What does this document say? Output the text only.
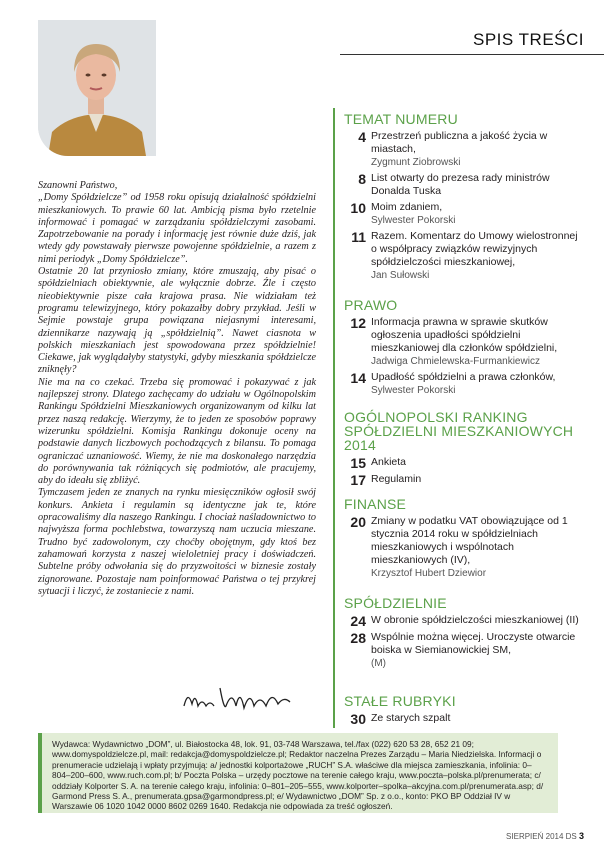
SPIS TREŚCI

Szanowni Państwo,

„Domy Spółdzielcze” od 1958 roku opisują działalność spółdzielni mieszkaniowych. To prawie 60 lat. Ambicją pisma było rzetelnie informować i pomagać w zarządzaniu spółdzielczymi zasobami. Zapotrzebowanie na porady i informację jest równie duże dziś, jak wtedy gdy powstawały pierwsze powojenne spółdzielnie, a razem z nimi periodyk „Domy Spółdzielcze”.

Ostatnie 20 lat przyniosło zmiany, które zmuszają, aby pisać o spółdzielniach obiektywnie, ale wyłącznie dobrze. Źle i często nieobiektywnie pisze cała krajowa prasa. Nie widziałam też programu telewizyjnego, który pokazałby dobry przykład. Jeśli w Sejmie powstaje grupa powiązana niejasnymi interesami, dziennikarze nazywają ją „spółdzielnią”. Nawet ciasnota w polskich mieszkaniach jest spowodowana przez spółdzielnie! Ciekawe, jak wyglądałyby statystyki, gdyby mieszkania spółdzielcze zniknęły?

Nie ma na co czekać. Trzeba się promować i pokazywać z jak najlepszej strony. Dlatego zachęcamy do udziału w Ogólnopolskim Rankingu Spółdzielni Mieszkaniowych organizowanym od kilku lat przez naszą redakcję. Wierzymy, że to jeden ze sposobów poprawy wizerunku spółdzielni. Komisja Rankingu dokonuje oceny na podstawie danych liczbowych pochodzących z bilansu. To pomaga ograniczać uznaniowość. Wiemy, że nie ma doskonałego narzędzia do porównywania tak różniących się podmiotów, ale pracujemy, aby do ideału się zbliżyć.

Tymczasem jeden ze znanych na rynku miesięczników ogłosił swój konkurs. Ankieta i regulamin są identyczne jak te, które opracowaliśmy dla naszego Rankingu. I chociaż naśladownictwo to najwyższa forma pochlebstwa, towarzyszą nam uczucia mieszane. Trudno być zadowolonym, czy choćby obojętnym, gdy ktoś bez zahamowań korzysta z naszej wieloletniej pracy i doświadczeń. Subtelne próby odwołania się do przyzwoitości w biznesie zostały zignorowane. Pozostaje nam poinformować Państwa o tej przykrej sytuacji i liczyć, że zostaniecie z nami.

TEMAT NUMERU
4 Przestrzeń publiczna a jakość życia w miastach,
Zygmunt Ziobrowski
8 List otwarty do prezesa rady ministrów Donalda Tuska
10 Moim zdaniem,
Sylwester Pokorski
11 Razem. Komentarz do Umowy wielostronnej o współpracy związków rewizyjnych spółdzielczości mieszkaniowej,
Jan Sułowski
PRAWO
12 Informacja prawna w sprawie skutków ogłoszenia upadłości spółdzielni mieszkaniowej dla członków spółdzielni,
Jadwiga Chmielewska-Furmankiewicz
14 Upadłość spółdzielni a prawa członków,
Sylwester Pokorski
OGÓLNOPOLSKI RANKING SPÓŁDZIELNI MIESZKANIOWYCH 2014
15 Ankieta
17 Regulamin
FINANSE
20 Zmiany w podatku VAT obowiązujące od 1 stycznia 2014 roku w spółdzielniach mieszkaniowych i wspólnotach mieszkaniowych (IV),
Krzysztof Hubert Dziewior
SPÓŁDZIELNIE
24 W obronie spółdzielczości mieszkaniowej (II)
28 Wspólnie można więcej. Uroczyste otwarcie boiska w Siemianowickiej SM,
(M)
STAŁE RUBRYKI
30 Ze starych szpalt
Wydawca: Wydawnictwo „DOM”, ul. Białostocka 48, lok. 91, 03-748 Warszawa, tel./fax (022) 620 53 28, 652 21 09; www.domyspoldzielcze.pl, mail: redakcja@domyspoldzielcze.pl; Redaktor naczelna Prezes Zarządu – Maria Niedzielska. Informacji o prenumeracie udzielają i wpłaty przyjmują: a/ jednostki kolportażowe „RUCH” S.A. właściwe dla miejsca zamieszkania, infolinia: 0–804–200–600, www.ruch.com.pl; b/ Poczta Polska – urzędy pocztowe na terenie całego kraju, www.poczta–polska.pl/prenumerata; c/ oddziały Kolporter S. A. na terenie całego kraju, infolinia: 0–801–205–555, www.kolporter–spolka–akcyjna.com.pl/prenumerata.asp; d/ Garmond Press S. A., prenumerata.gpsa@garmondpress.pl; e/ Wydawnictwo „DOM” Sp. z o.o., konto: PKO BP Oddział IV w Warszawie 06 1020 1042 0000 8602 0269 1640. Redakcja nie odpowiada za treść ogłoszeń.
SIERPIEŃ 2014 DS 3
